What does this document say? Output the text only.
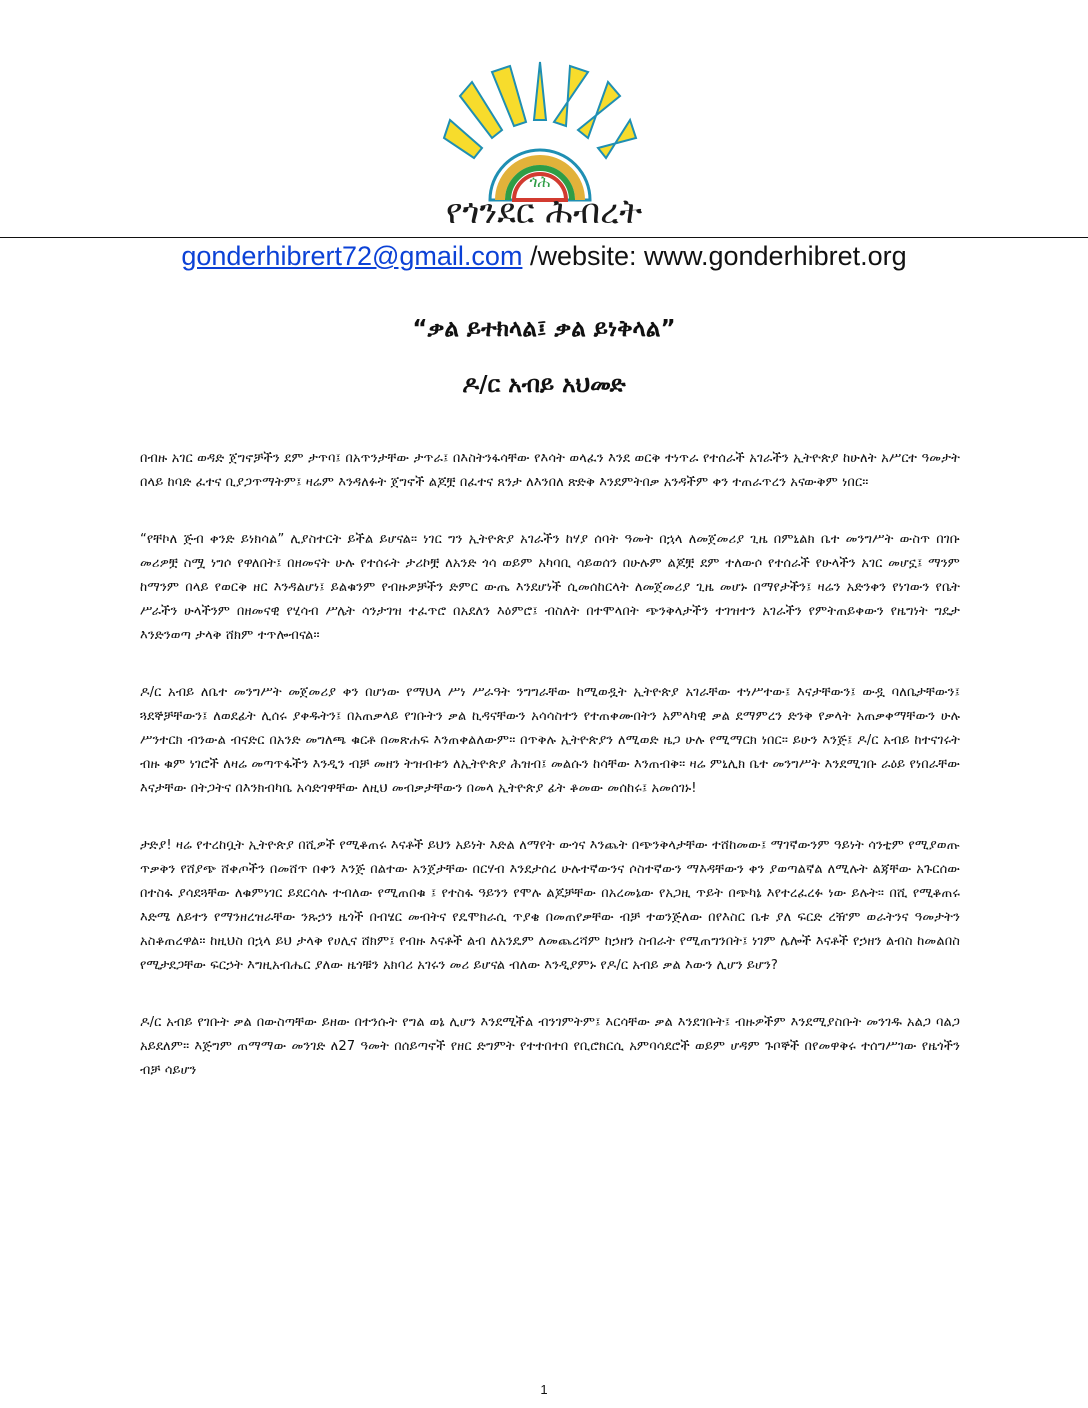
ጎሕ
የጎንደር ሕብረት
gonderhibrert72@gmail.com /website: www.gonderhibret.org
“ቃል ይተክላል፤ ቃል ይነቅላል”
ዶ/ር አብይ አህመድ

በብዙ አገር ወዳድ ጀግኖቻችን ደም ታጥባ፤ በአጥንታቸው ታጥራ፤ በእስትንፋሳቸው የእሳት ወላፈን እንደ ወርቅ ተነጥራ የተሰራች አገራችን ኢትዮጵያ ከሁለት አሥርተ ዓመታት በላይ ከባድ ፈተና ቢያጋጥማትም፤ ዛሬም እንዳለፉት ጀግኖች ልጆቿ በፈተና ጸንታ ለእንበለ ጽድቅ እንደምትበቃ አንዳችም ቀን ተጠራጥረን አናውቅም ነበር።

“የቸኮለ ጅብ ቀንድ ይነክሳል” ሊያስተርት ይችል ይሆናል። ነገር ግን ኢትዮጵያ አገራችን ከሃያ ሰባት ዓመት በኋላ ለመጀመሪያ ጊዜ በምኒልክ ቤተ መንግሥት ውስጥ በገቡ መሪዎቿ ስሟ ነግሶ የዋለበት፤ በዘመናት ሁሉ የተሰሩት ታሪኮቿ ለአንድ ጎሳ ወይም አካባቢ ሳይወሰን በሁሉም ልጆቿ ደም ተለውሶ የተሰራች የሁላችን አገር መሆኗ፤ ማንም ከማንም በላይ የወርቅ ዘር እንዳልሆነ፤ ይልቁንም የብዙዎቻችን ድምር ውጤ እንደሆነች ሲመሰከርላት ለመጀመሪያ ጊዜ መሆኑ በማየታችን፤ ዛሬን አድንቀን የነገውን የቤት ሥራችን ሁላችንም በዘመናዊ የሂሳብ ሥሌት ሳንታገዝ ተፈጥሮ በአደለን እዕምሮ፤ ብስለት በተሞላበት ጭንቅላታችን ተገዝተን አገራችን የምትጠይቀውን የዜግነት ግዴታ እንድንወጣ ታላቅ ሸክም ተጥሎብናል።

ዶ/ር አብይ ለቤተ መንግሥት መጀመሪያ ቀን በሆነው የማህላ ሥነ ሥራዓት ንግግራቸው ከሚወዷት ኢትዮጵያ አገራቸው ተነሥተው፤ እናታቸውን፤ ውዷ ባለቤታቸውን፤ ጓደኞቻቸውን፤ ለወደፊት ሊሰሩ ያቀዱትን፤ በአጠቃላይ የገቡትን ቃል ኪዳናቸውን አሳሳስተን የተጠቀሙበትን አምላካዊ ቃል ደማምረን ድንቅ የቃላት አጠቃቀማቸውን ሁሉ ሥንተርክ ብንውል ብናድር በአንድ መግለጫ ቁርቶ በመጽሐፍ እንጠቀልለውም። በጥቅሉ ኢትዮጵያን ለሚወድ ዜጋ ሁሉ የሚማርክ ነበር። ይሁን እንጅ፤ ዶ/ር አብይ ከተናገሩት ብዙ ቁም ነገሮች ለዛሬ መጣጥፋችን እንዲን ብቻ መዘን ትዝብቱን ለኢትዮጵያ ሕዝብ፤ መልሱን ከሳቸው እንጠብቅ። ዛሬ ምኒሊክ ቤተ መንግሥት እንደሚገቡ ራዕይ የነበራቸው እናታቸው በትጋትና በእንክብካቤ አሳድገዋቸው ለዚህ መብቃታቸውን በመላ ኢትዮጵያ ፊት ቆመው መሰከሩ፤ አመሰገኑ!

ታድያ! ዛሬ የተረከቧት ኢትዮጵያ በሺዎች የሚቆጠሩ እናቶች ይህን አይነት እድል ለማየት ውጎና እንጨት በጭንቅላታቸው ተሸከመው፤ ማገኛውንም ዓይነት ሳንቲም የሚያወጡ ጥቃቅን የሸያጭ ሸቀጦችን በመሸጥ በቀን እንጅ በልተው አንጀታቸው በርሃብ እንደታሰረ ሁሉተኛውንና ሶስተኛውን ማእዳቸውን ቀን ያወጣልኛል ለሚሉት ልጃቸው አጉርሰው በተስፋ ያሳደጓቸው ለቁምነገር ይደርሳሉ ተብለው የሚጠበቁ ፤ የተስፋ ዓይንን የሞሉ ልጆቻቸው በአረመኔው የአጋዚ ጥይት በጭካኔ እየተረፈረፉ ነው ይሉት። በሺ የሚቆጠሩ እድሜ ለይተን የማንዘረዝራቸው ንጹኃን ዜጎች በብሄር መብትና የዴሞክራሲ ጥያቄ በመጠየቃቸው ብቻ ተወንጅለው በየእስር ቤቱ ያለ ፍርድ ረዥም ወራትንና ዓመታትን አስቆጠረዋል። ከዚህስ በኋላ ይህ ታላቅ የሀሊና ሸክም፤ የብዙ እናቶች ልብ ለአንዴም ለመጨረሻም ከኃዘን ስብራት የሚጠግንበት፤ ነገም ሌሎች እናቶች የኃዘን ልብስ ከመልበስ የሚታደጋቸው ፍርኃት እግዚአብሔር ያለው ዜጎቹን አክባሪ አገሩን መሪ ይሆናል ብለው እንዲያምኑ የዶ/ር አብይ ቃል እውን ሊሆን ይሆን?

ዶ/ር አብይ የገቡት ቃል በውስጣቸው ይዘው በተንሱት የግል ወኔ ሊሆን እንደሚችል ብንገምትም፤ እርሳቸው ቃል እንደገቡት፤ ብዙዎችም እንደሚያስቡት መንገዱ አልጋ ባልጋ አይደለም። እጅግም ጠማማው መንገድ ለ27 ዓመት በሰይጣኖች የዘር ድግምት የተተበተበ የቢሮክርሲ አምባሳደሮች ወይም ሆዳም ጉቦኞች በየመዋቅሩ ተሰግሥገው የዜጎችን ብቻ ሳይሆን

1
